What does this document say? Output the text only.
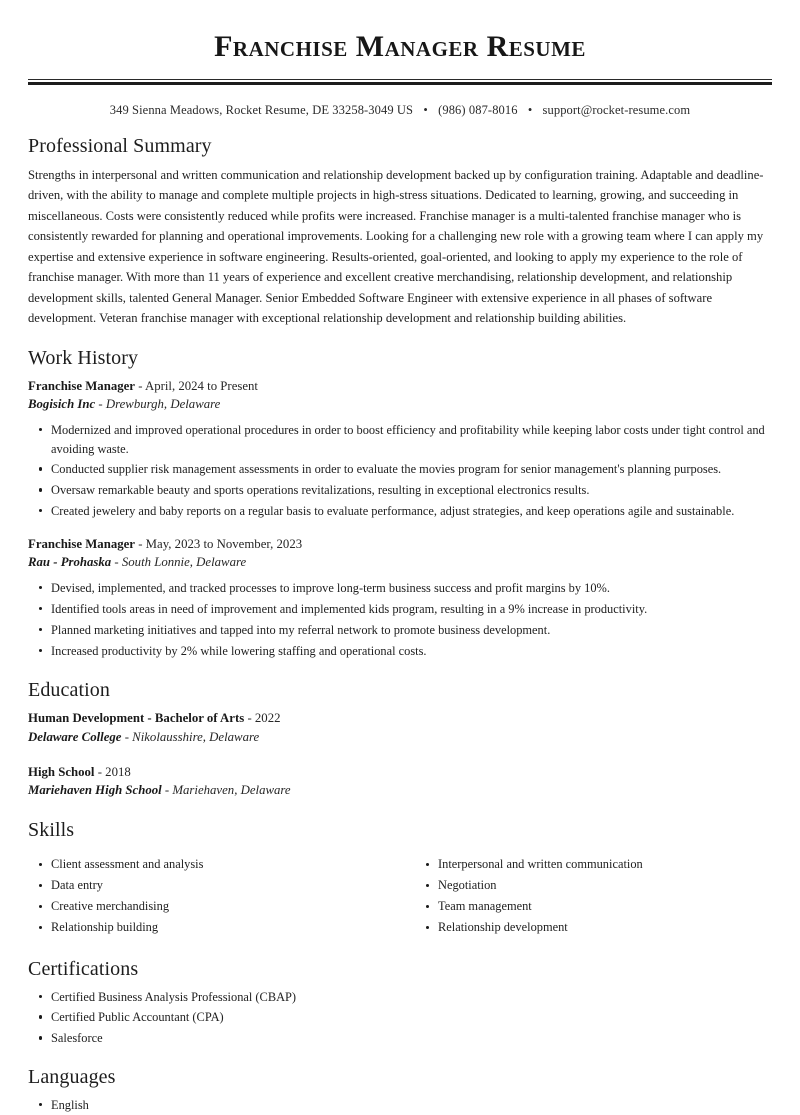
Franchise Manager Resume
349 Sienna Meadows, Rocket Resume, DE 33258-3049 US • (986) 087-8016 • support@rocket-resume.com
Professional Summary

Strengths in interpersonal and written communication and relationship development backed up by configuration training. Adaptable and deadline-driven, with the ability to manage and complete multiple projects in high-stress situations. Dedicated to learning, growing, and succeeding in miscellaneous. Costs were consistently reduced while profits were increased. Franchise manager is a multi-talented franchise manager who is consistently rewarded for planning and operational improvements. Looking for a challenging new role with a growing team where I can apply my expertise and extensive experience in software engineering. Results-oriented, goal-oriented, and looking to apply my experience to the role of franchise manager. With more than 11 years of experience and excellent creative merchandising, relationship development, and relationship development skills, talented General Manager. Senior Embedded Software Engineer with extensive experience in all phases of software development. Veteran franchise manager with exceptional relationship development and relationship building abilities.

Work History
Franchise Manager - April, 2024 to Present
Bogisich Inc - Drewburgh, Delaware
Modernized and improved operational procedures in order to boost efficiency and profitability while keeping labor costs under tight control and avoiding waste.
Conducted supplier risk management assessments in order to evaluate the movies program for senior management's planning purposes.
Oversaw remarkable beauty and sports operations revitalizations, resulting in exceptional electronics results.
Created jewelery and baby reports on a regular basis to evaluate performance, adjust strategies, and keep operations agile and sustainable.
Franchise Manager - May, 2023 to November, 2023
Rau - Prohaska - South Lonnie, Delaware
Devised, implemented, and tracked processes to improve long-term business success and profit margins by 10%.
Identified tools areas in need of improvement and implemented kids program, resulting in a 9% increase in productivity.
Planned marketing initiatives and tapped into my referral network to promote business development.
Increased productivity by 2% while lowering staffing and operational costs.
Education
Human Development - Bachelor of Arts - 2022
Delaware College - Nikolausshire, Delaware
High School - 2018
Mariehaven High School - Mariehaven, Delaware
Skills
Client assessment and analysis
Data entry
Creative merchandising
Relationship building
Interpersonal and written communication
Negotiation
Team management
Relationship development
Certifications
Certified Business Analysis Professional (CBAP)
Certified Public Accountant (CPA)
Salesforce
Languages
English
